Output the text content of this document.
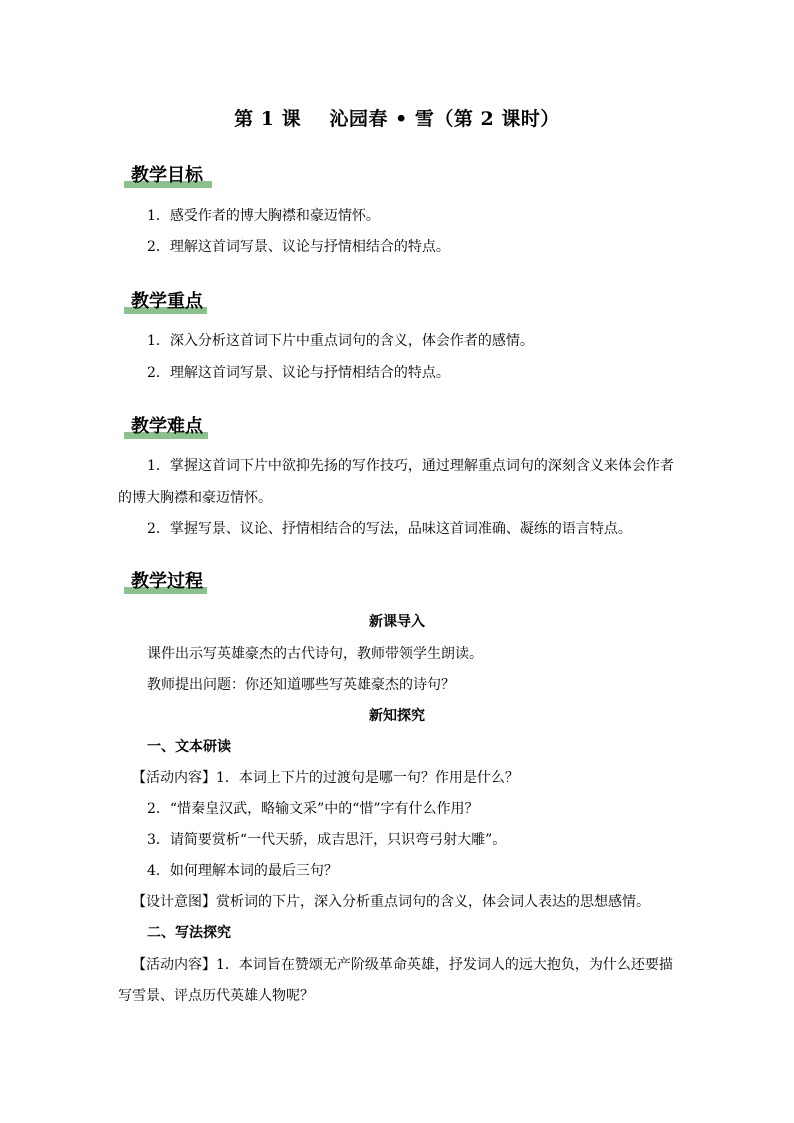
第 1 课    沁园春 • 雪（第 2 课时）
教学目标
1．感受作者的博大胸襟和豪迈情怀。
2．理解这首词写景、议论与抒情相结合的特点。
教学重点
1．深入分析这首词下片中重点词句的含义，体会作者的感情。
2．理解这首词写景、议论与抒情相结合的特点。
教学难点
1．掌握这首词下片中欲抑先扬的写作技巧，通过理解重点词句的深刻含义来体会作者
的博大胸襟和豪迈情怀。
2．掌握写景、议论、抒情相结合的写法，品味这首词准确、凝练的语言特点。
教学过程
新课导入
课件出示写英雄豪杰的古代诗句，教师带领学生朗读。
教师提出问题：你还知道哪些写英雄豪杰的诗句？
新知探究
一、文本研读
【活动内容】1．本词上下片的过渡句是哪一句？作用是什么？
2．“惜秦皇汉武，略输文采”中的“惜”字有什么作用？
3．请简要赏析“一代天骄，成吉思汗，只识弯弓射大雕”。
4．如何理解本词的最后三句？
【设计意图】赏析词的下片，深入分析重点词句的含义，体会词人表达的思想感情。
二、写法探究
【活动内容】1．本词旨在赞颂无产阶级革命英雄，抒发词人的远大抱负，为什么还要描
写雪景、评点历代英雄人物呢？
